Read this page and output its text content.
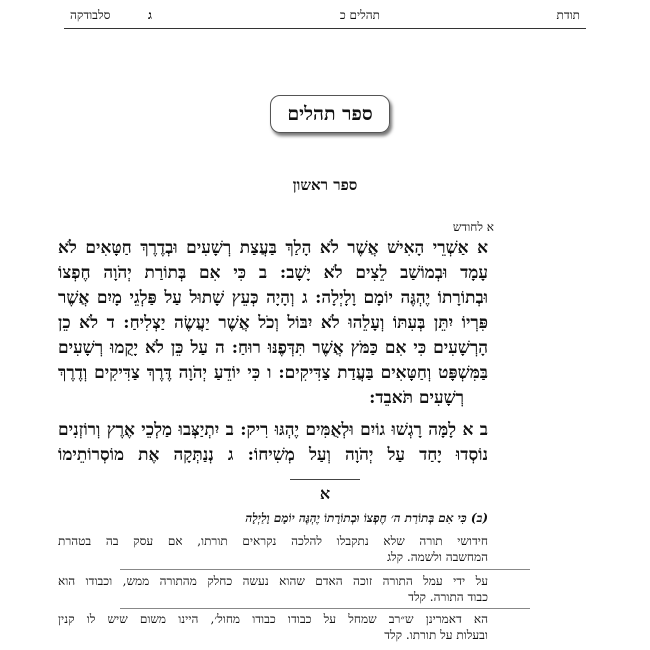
תודת
תהלים כ
ג
סלבודקה
ספר תהלים
ספר ראשון
א לחודש
א אַשְׁרֵי הָאִישׁ אֲשֶׁר לֹא הָלַךְ בַּעֲצַת רְשָׁעִים וּבְדֶרֶךְ חַטָּאִים לֹא
עָמָד וּבְמוֹשַׁב לֵצִים לֹא יָשָׁב: ב כִּי אִם בְּתוֹרַת יְהֹוָה חֶפְצוֹ
וּבְתוֹרָתוֹ יֶהְגֶּה יוֹמָם וָלָיְלָה: ג וְהָיָה כְּעֵץ שָׁתוּל עַל פַּלְגֵי מָיִם אֲשֶׁר
פִּרְיוֹ יִתֵּן בְּעִתּוֹ וְעָלֵהוּ לֹא יִבּוֹל וְכֹל אֲשֶׁר יַעֲשֶׂה יַצְלִיחַ: ד לֹא כֵן
הָרְשָׁעִים כִּי אִם כַּמֹּץ אֲשֶׁר תִּדְּפֶנּוּ רוּחַ: ה עַל כֵּן לֹא יָקֻמוּ רְשָׁעִים
בַּמִּשְׁפָּט וְחַטָּאִים בַּעֲדַת צַדִּיקִים: ו כִּי יוֹדֵעַ יְהֹוָה דֶּרֶךְ צַדִּיקִים וְדֶרֶךְ
רְשָׁעִים תֹּאבֵד:
ב א לָמָּה רָגְשׁוּ גוֹיִם וּלְאֻמִּים יֶהְגּוּ רִיק: ב יִתְיַצְּבוּ מַלְכֵי אֶרֶץ וְרוֹזְנִים
נוֹסְדוּ יָחַד עַל יְהֹוָה וְעַל מְשִׁיחוֹ: ג נְנַתְּקָה אֶת מוֹסְרוֹתֵימוֹ
א
(ב) כִּי אִם בְּתוֹרַת ה׳ חֶפְצוֹ וּבְתוֹרָתוֹ יֶהְגֶּה יוֹמָם וָלַיְלָה
חידושי תורה שלא נתקבלו להלכה נקראים תורתו, אם עסק בה בטהרת
המחשבה ולשמה. קלג
על ידי עמל התורה זוכה האדם שהוא נעשה כחלק מהתורה ממש, וכבודו הוא
כבוד התורה. קלד
הא דאמרינן ש״רב שמחל על כבודו כבודו מחול׳, היינו משום שיש לו קנין
ובעלות על תורתו. קלד
